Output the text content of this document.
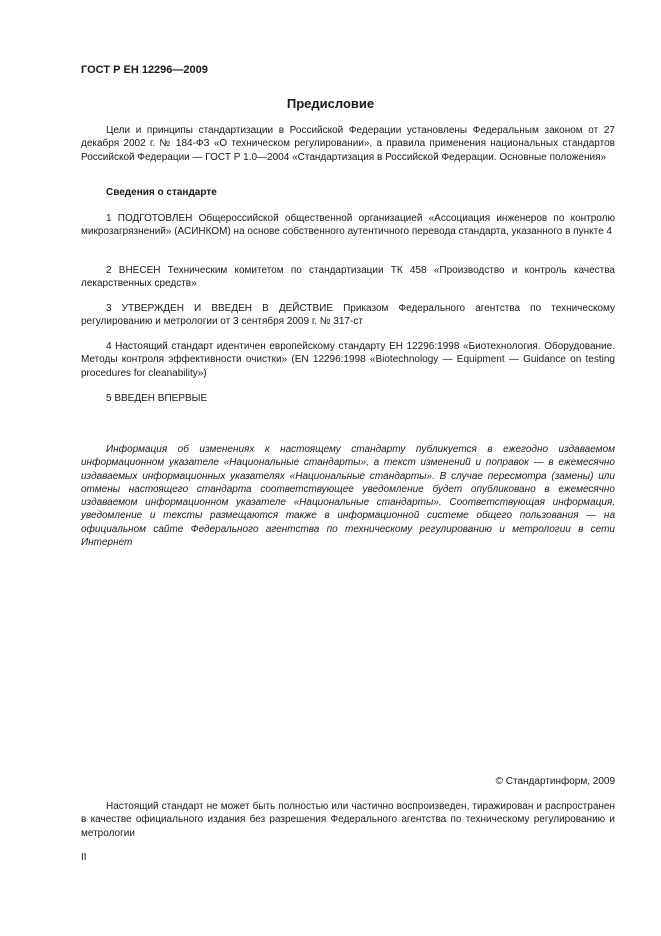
ГОСТ Р ЕН 12296—2009
Предисловие

Цели и принципы стандартизации в Российской Федерации установлены Федеральным законом от 27 декабря 2002 г. № 184-ФЗ «О техническом регулировании», а правила применения национальных стандартов Российской Федерации — ГОСТ Р 1.0—2004 «Стандартизация в Российской Федерации. Основные положения»

Сведения о стандарте

1 ПОДГОТОВЛЕН Общероссийской общественной организацией «Ассоциация инженеров по контролю микрозагрязнений» (АСИНКОМ) на основе собственного аутентичного перевода стандарта, указанного в пункте 4

2 ВНЕСЕН Техническим комитетом по стандартизации ТК 458 «Производство и контроль качества лекарственных средств»

3 УТВЕРЖДЕН И ВВЕДЕН В ДЕЙСТВИЕ Приказом Федерального агентства по техническому регулированию и метрологии от 3 сентября 2009 г. № 317-ст

4 Настоящий стандарт идентичен европейскому стандарту ЕН 12296:1998 «Биотехнология. Оборудование. Методы контроля эффективности очистки» (EN 12296:1998 «Biotechnology — Equipment — Guidance on testing procedures for cleanability»)

5 ВВЕДЕН ВПЕРВЫЕ

Информация об изменениях к настоящему стандарту публикуется в ежегодно издаваемом информационном указателе «Национальные стандарты», а текст изменений и поправок — в ежемесячно издаваемых информационных указателях «Национальные стандарты». В случае пересмотра (замены) или отмены настоящего стандарта соответствующее уведомление будет опубликовано в ежемесячно издаваемом информационном указателе «Национальные стандарты». Соответствующая информация, уведомление и тексты размещаются также в информационной системе общего пользования — на официальном сайте Федерального агентства по техническому регулированию и метрологии в сети Интернет

© Стандартинформ, 2009

Настоящий стандарт не может быть полностью или частично воспроизведен, тиражирован и распространен в качестве официального издания без разрешения Федерального агентства по техническому регулированию и метрологии

II
